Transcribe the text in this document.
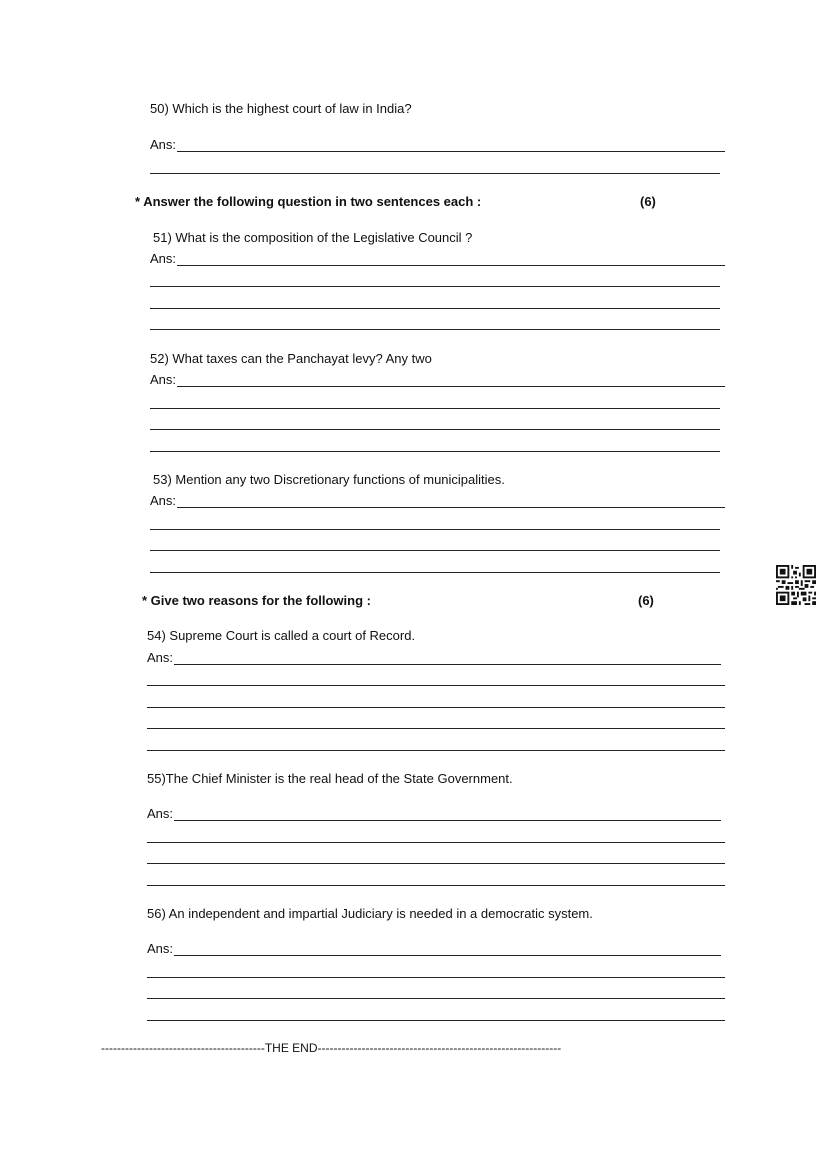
50) Which is the highest court of law in India?
Ans:
* Answer the following question in two sentences each :	(6)
51) What is the composition of the Legislative Council ?
Ans:
52) What taxes can the Panchayat levy? Any two
Ans:
53) Mention any two Discretionary functions of municipalities.
Ans:
* Give two reasons for the following :	(6)
54) Supreme Court is called a court of Record.
Ans:
55)The Chief Minister is the real head of the State Government.
Ans:
56) An independent and impartial Judiciary is needed in a democratic system.
Ans:
-----------------------------------------THE END-------------------------------------------------------------
